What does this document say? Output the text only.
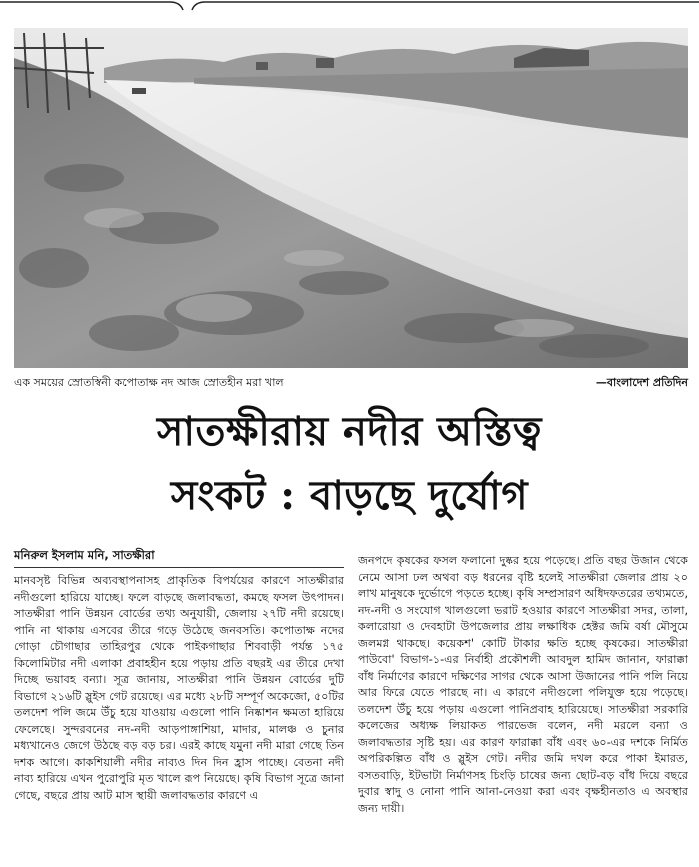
এক সময়ের স্রোতস্বিনী কপোতাক্ষ নদ আজ স্রোতহীন মরা খাল	—বাংলাদেশ প্রতিদিন
সাতক্ষীরায় নদীর অস্তিত্ব
সংকট : বাড়ছে দুর্যোগ
মনিরুল ইসলাম মনি, সাতক্ষীরা

মানবসৃষ্ট বিভিন্ন অব্যবস্থাপনাসহ প্রাকৃতিক বিপর্যয়ের কারণে সাতক্ষীরার নদীগুলো হারিয়ে যাচ্ছে। ফলে বাড়ছে জলাবদ্ধতা, কমছে ফসল উৎপাদন। সাতক্ষীরা পানি উন্নয়ন বোর্ডের তথ্য অনুযায়ী, জেলায় ২৭টি নদী রয়েছে। পানি না থাকায় এসবের তীরে গড়ে উঠেছে জনবসতি। কপোতাক্ষ নদের গোড়া চৌগাছার তাহিরপুর থেকে পাইকগাছার শিববাড়ী পর্যন্ত ১৭৫ কিলোমিটার নদী এলাকা প্রবাহহীন হয়ে পড়ায় প্রতি বছরই এর তীরে দেখা দিচ্ছে ভয়াবহ বন্যা। সূত্র জানায়, সাতক্ষীরা পানি উন্নয়ন বোর্ডের দুটি বিভাগে ২১৬টি স্লুইস গেট রয়েছে। এর মধ্যে ২৮টি সম্পূর্ণ অকেজো, ৫০টির তলদেশ পলি জমে উঁচু হয়ে যাওয়ায় এগুলো পানি নিষ্কাশন ক্ষমতা হারিয়ে ফেলেছে। সুন্দরবনের নদ-নদী আড়পাঙ্গাশিয়া, মাদার, মালঞ্চ ও চুনার মধ্যখানেও জেগে উঠছে বড় বড় চর। এরই কাছে যমুনা নদী মারা গেছে তিন দশক আগে। কাকশিয়ালী নদীর নাব্যও দিন দিন হ্রাস পাচ্ছে। বেতনা নদী নাব্য হারিয়ে এখন পুরোপুরি মৃত খালে রূপ নিয়েছে। কৃষি বিভাগ সূত্রে জানা গেছে, বছরে প্রায় আট মাস স্থায়ী জলাবদ্ধতার কারণে এ

জনপদে কৃষকের ফসল ফলানো দুষ্কর হয়ে পড়েছে। প্রতি বছর উজান থেকে নেমে আসা ঢল অথবা বড় ধরনের বৃষ্টি হলেই সাতক্ষীরা জেলার প্রায় ২০ লাখ মানুষকে দুর্ভোগে পড়তে হচ্ছে। কৃষি সম্প্রসারণ অধিদফতরের তথ্যমতে, নদ-নদী ও সংযোগ খালগুলো ভরাট হওয়ার কারণে সাতক্ষীরা সদর, তালা, কলারোয়া ও দেবহাটা উপজেলার প্রায় লক্ষাধিক হেক্টর জমি বর্ষা মৌসুমে জলমগ্ন থাকছে। কয়েকশ' কোটি টাকার ক্ষতি হচ্ছে কৃষকের। সাতক্ষীরা পাউবো' বিভাগ-১-এর নির্বাহী প্রকৌশলী আবদুল হামিদ জানান, ফারাক্কা বাঁধ নির্মাণের কারণে দক্ষিণের সাগর থেকে আসা উজানের পানি পলি নিয়ে আর ফিরে যেতে পারছে না। এ কারণে নদীগুলো পলিযুক্ত হয়ে পড়েছে। তলদেশ উঁচু হয়ে পড়ায় এগুলো পানিপ্রবাহ হারিয়েছে। সাতক্ষীরা সরকারি কলেজের অধ্যক্ষ লিয়াকত পারভেজ বলেন, নদী মরলে বন্যা ও জলাবদ্ধতার সৃষ্টি হয়। এর কারণ ফারাক্কা বাঁধ এবং ৬০-এর দশকে নির্মিত অপরিকল্পিত বাঁধ ও স্লুইস গেট। নদীর জমি দখল করে পাকা ইমারত, বসতবাড়ি, ইটভাটা নির্মাণসহ চিংড়ি চাষের জন্য ছোট-বড় বাঁধ দিয়ে বছরে দুবার স্বাদু ও নোনা পানি আনা-নেওয়া করা এবং বৃক্ষহীনতাও এ অবস্থার জন্য দায়ী।
